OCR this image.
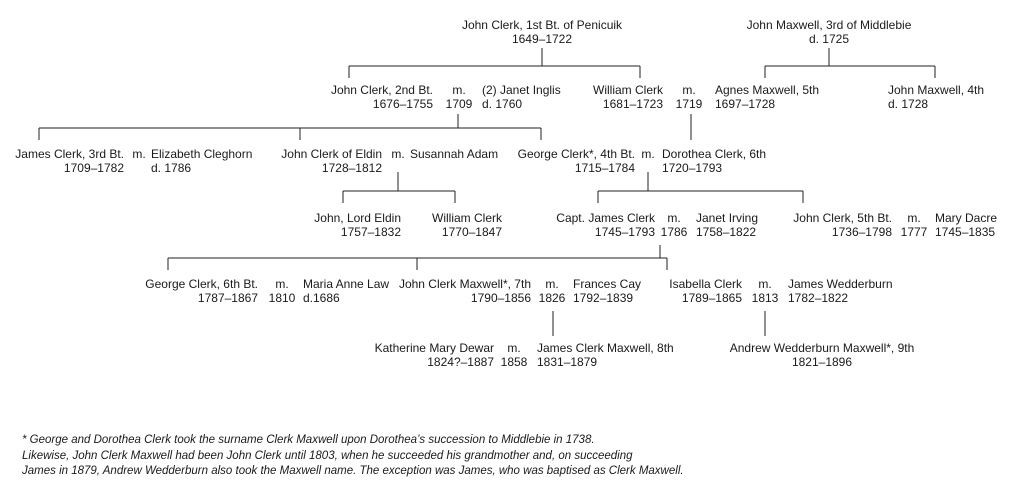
John Clerk, 1st Bt. of Penicuik
1649–1722
John Maxwell, 3rd of Middlebie
d. 1725
John Clerk, 2nd Bt.
1676–1755
m.
1709
(2) Janet Inglis
d. 1760
William Clerk
1681–1723
m.
1719
Agnes Maxwell, 5th
1697–1728
John Maxwell, 4th
d. 1728
James Clerk, 3rd Bt.
1709–1782
m. Elizabeth Cleghorn
d. 1786
John Clerk of Eldin
1728–1812
m. Susannah Adam George Clerk*, 4th Bt.
1715–1784
m. Dorothea Clerk, 6th
1720–1793
John, Lord Eldin
1757–1832
William Clerk
1770–1847
Capt. James Clerk
1745–1793
m.
1786
Janet Irving
1758–1822
John Clerk, 5th Bt.
1736–1798
m.
1777
Mary Dacre
1745–1835
George Clerk, 6th Bt.
1787–1867
m.
1810
Maria Anne Law
d.1686
John Clerk Maxwell*, 7th
1790–1856
m.
1826
Frances Cay
1792–1839
Isabella Clerk
1789–1865
m.
1813
James Wedderburn
1782–1822
Katherine Mary Dewar
1824?–1887
m.
1858
James Clerk Maxwell, 8th
1831–1879
Andrew Wedderburn Maxwell*, 9th
1821–1896
* George and Dorothea Clerk took the surname Clerk Maxwell upon Dorothea’s succession to Middlebie in 1738.
Likewise, John Clerk Maxwell had been John Clerk until 1803, when he succeeded his grandmother and, on succeeding
James in 1879, Andrew Wedderburn also took the Maxwell name. The exception was James, who was baptised as Clerk Maxwell.
